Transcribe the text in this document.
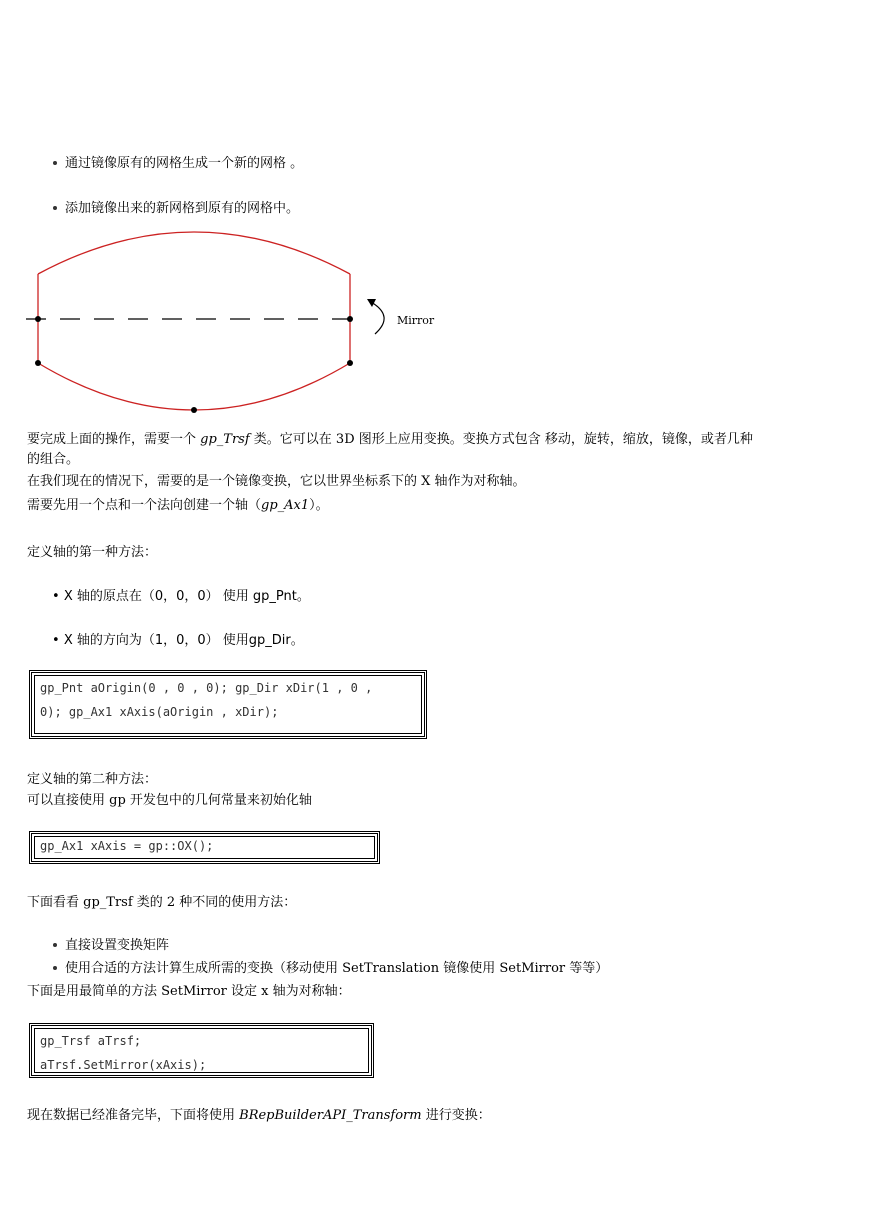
通过镜像原有的网格生成一个新的网格 。
添加镜像出来的新网格到原有的网格中。
Mirror
要完成上面的操作，需要一个 gp_Trsf 类。它可以在 3D 图形上应用变换。变换方式包含 移动，旋转，缩放，镜像，或者几种
的组合。
在我们现在的情况下，需要的是一个镜像变换，它以世界坐标系下的 X 轴作为对称轴。
需要先用一个点和一个法向创建一个轴（gp_Ax1）。
定义轴的第一种方法：
• X 轴的原点在（0，0，0） 使用 gp_Pnt。
• X 轴的方向为（1，0，0） 使用gp_Dir。
gp_Pnt aOrigin(0 , 0 , 0); gp_Dir xDir(1 , 0 ,
0); gp_Ax1 xAxis(aOrigin , xDir);
定义轴的第二种方法：
可以直接使用 gp 开发包中的几何常量来初始化轴
gp_Ax1 xAxis = gp::OX();
下面看看 gp_Trsf 类的 2 种不同的使用方法：
直接设置变换矩阵
使用合适的方法计算生成所需的变换（移动使用 SetTranslation 镜像使用 SetMirror 等等）
下面是用最简单的方法 SetMirror 设定 x 轴为对称轴：
gp_Trsf aTrsf;
aTrsf.SetMirror(xAxis);
现在数据已经准备完毕，下面将使用 BRepBuilderAPI_Transform 进行变换：
